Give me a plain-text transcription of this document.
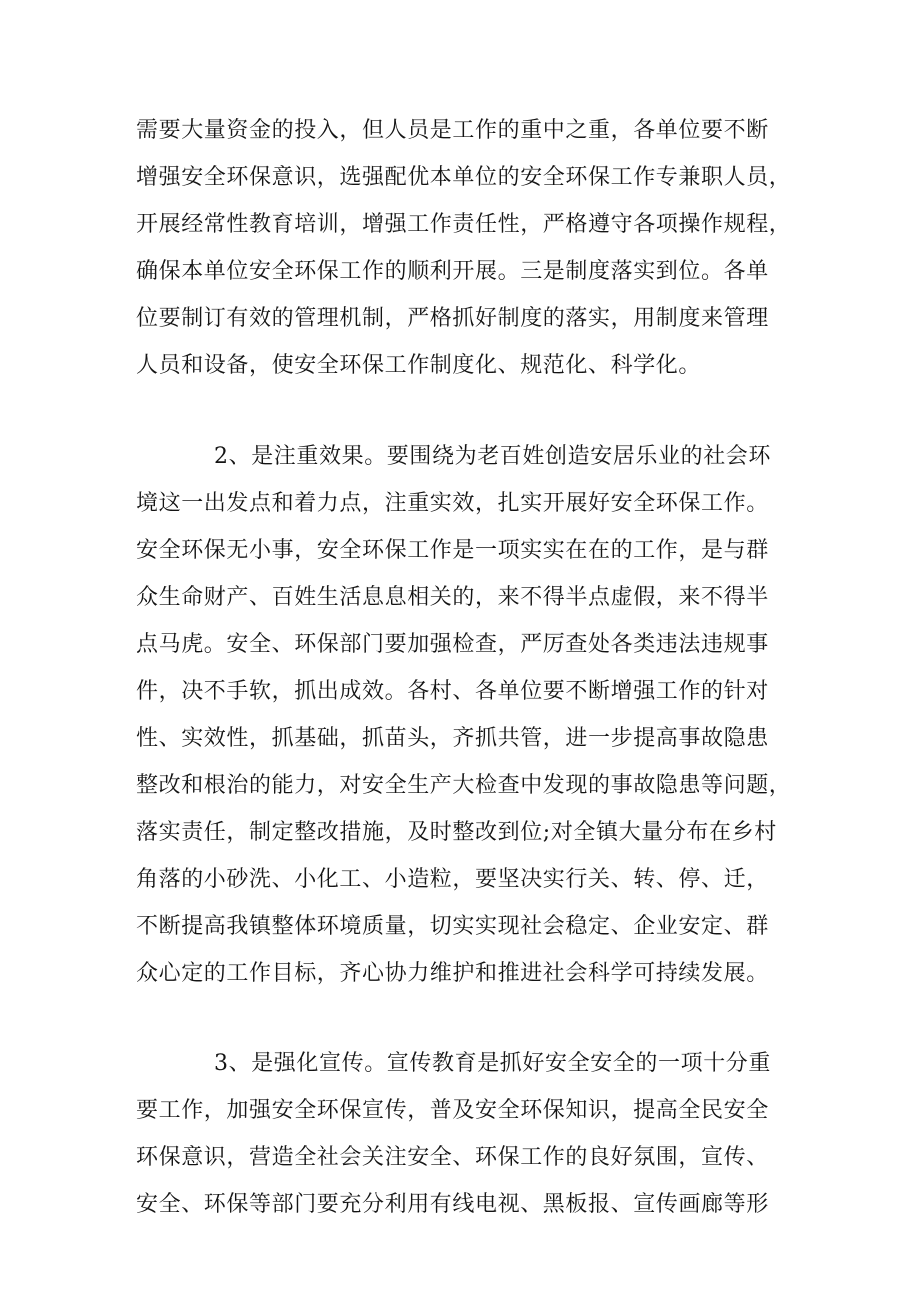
需要大量资金的投入，但人员是工作的重中之重，各单位要不断
增强安全环保意识，选强配优本单位的安全环保工作专兼职人员，
开展经常性教育培训，增强工作责任性，严格遵守各项操作规程，
确保本单位安全环保工作的顺利开展。三是制度落实到位。各单
位要制订有效的管理机制，严格抓好制度的落实，用制度来管理
人员和设备，使安全环保工作制度化、规范化、科学化。
2、是注重效果。要围绕为老百姓创造安居乐业的社会环
境这一出发点和着力点，注重实效，扎实开展好安全环保工作。
安全环保无小事，安全环保工作是一项实实在在的工作，是与群
众生命财产、百姓生活息息相关的，来不得半点虚假，来不得半
点马虎。安全、环保部门要加强检查，严厉查处各类违法违规事
件，决不手软，抓出成效。各村、各单位要不断增强工作的针对
性、实效性，抓基础，抓苗头，齐抓共管，进一步提高事故隐患
整改和根治的能力，对安全生产大检查中发现的事故隐患等问题，
落实责任，制定整改措施，及时整改到位;对全镇大量分布在乡村
角落的小砂洗、小化工、小造粒，要坚决实行关、转、停、迁，
不断提高我镇整体环境质量，切实实现社会稳定、企业安定、群
众心定的工作目标，齐心协力维护和推进社会科学可持续发展。
3、是强化宣传。宣传教育是抓好安全安全的一项十分重
要工作，加强安全环保宣传，普及安全环保知识，提高全民安全
环保意识，营造全社会关注安全、环保工作的良好氛围，宣传、
安全、环保等部门要充分利用有线电视、黑板报、宣传画廊等形
